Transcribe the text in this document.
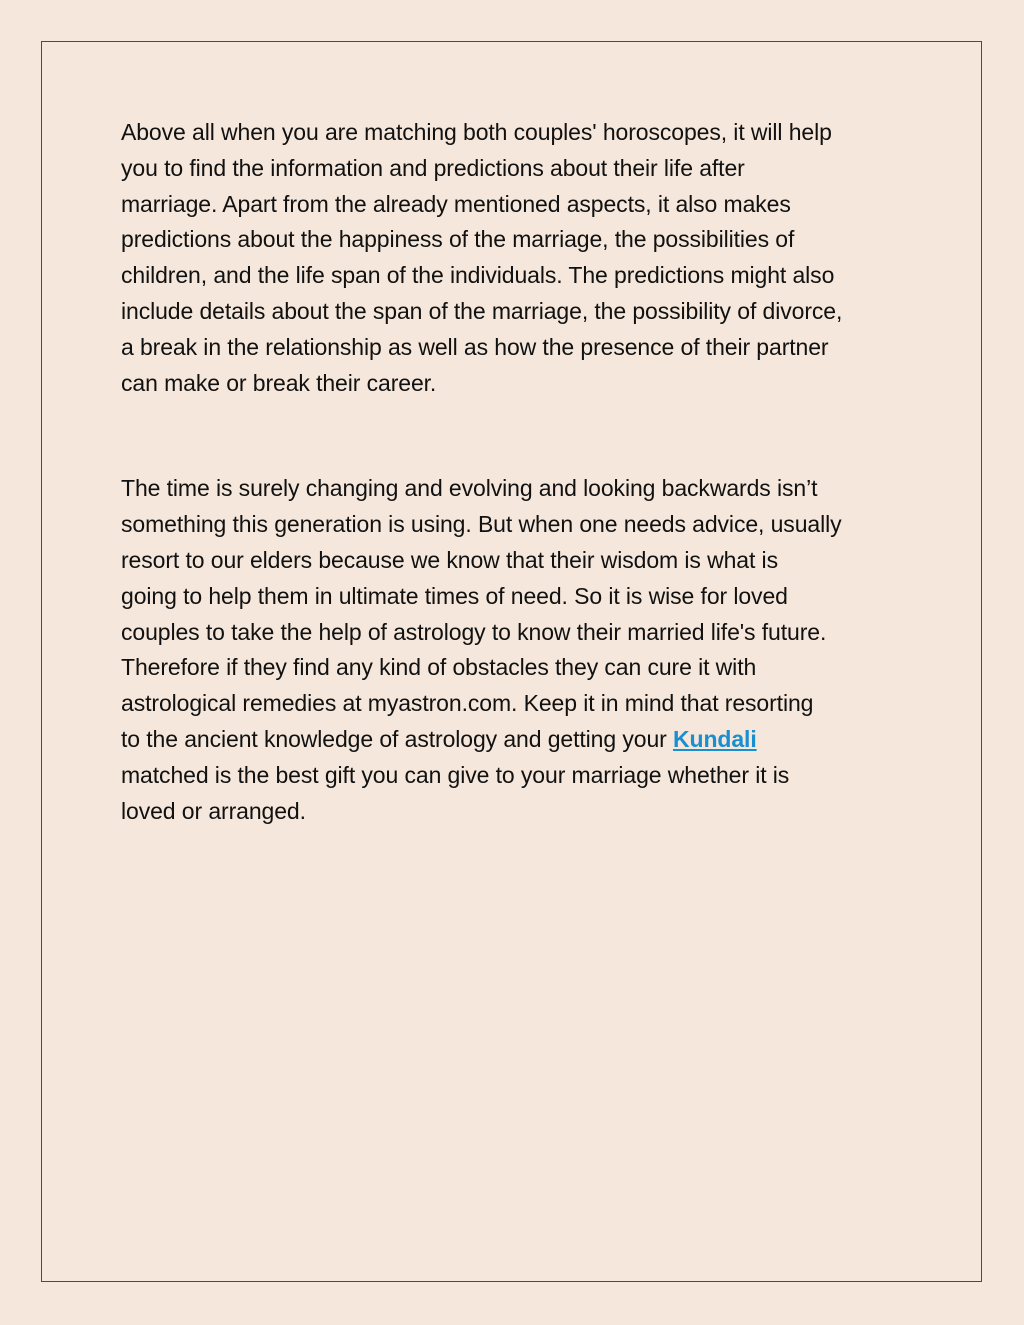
Above all when you are matching both couples' horoscopes, it will help
you to find the information and predictions about their life after
marriage. Apart from the already mentioned aspects, it also makes
predictions about the happiness of the marriage, the possibilities of
children, and the life span of the individuals. The predictions might also
include details about the span of the marriage, the possibility of divorce,
a break in the relationship as well as how the presence of their partner
can make or break their career.

The time is surely changing and evolving and looking backwards isn’t
something this generation is using. But when one needs advice, usually
resort to our elders because we know that their wisdom is what is
going to help them in ultimate times of need. So it is wise for loved
couples to take the help of astrology to know their married life's future.
Therefore if they find any kind of obstacles they can cure it with
astrological remedies at myastron.com. Keep it in mind that resorting
to the ancient knowledge of astrology and getting your Kundali
matched is the best gift you can give to your marriage whether it is
loved or arranged.
